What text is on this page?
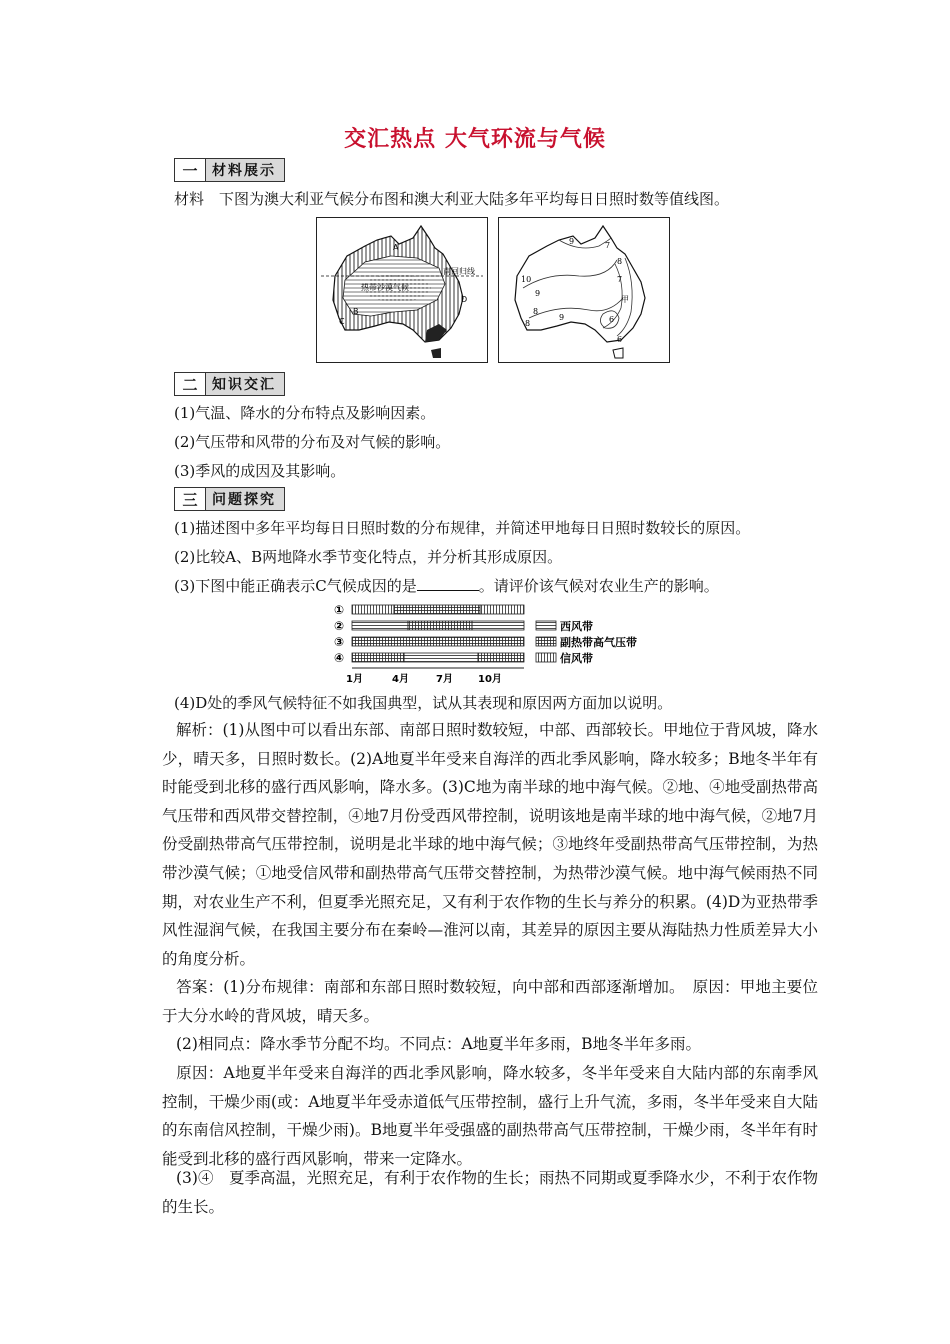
交汇热点 大气环流与气候
一	材料展示
材料　下图为澳大利亚气候分布图和澳大利亚大陆多年平均每日日照时数等值线图。
A
南回归线
热带沙漠气候
D
B
C
9	7
8
10
9
8
7
甲
6
8
9
6
二	知识交汇
(1)气温、降水的分布特点及影响因素。
(2)气压带和风带的分布及对气候的影响。
(3)季风的成因及其影响。
三	问题探究
(1)描述图中多年平均每日日照时数的分布规律，并简述甲地每日日照时数较长的原因。
(2)比较A、B两地降水季节变化特点，并分析其形成原因。
(3)下图中能正确表示C气候成因的是	。请评价该气候对农业生产的影响。
①
②
③
④
1月	4月	7月	10月
西风带
副热带高气压带
信风带
(4)D处的季风气候特征不如我国典型，试从其表现和原因两方面加以说明。
解析：(1)从图中可以看出东部、南部日照时数较短，中部、西部较长。甲地位于背风坡，降水少，晴天多，日照时数长。(2)A地夏半年受来自海洋的西北季风影响，降水较多；B地冬半年有时能受到北移的盛行西风影响，降水多。(3)C地为南半球的地中海气候。②地、④地受副热带高气压带和西风带交替控制，④地7月份受西风带控制，说明该地是南半球的地中海气候，②地7月份受副热带高气压带控制，说明是北半球的地中海气候；③地终年受副热带高气压带控制，为热带沙漠气候；①地受信风带和副热带高气压带交替控制，为热带沙漠气候。地中海气候雨热不同期，对农业生产不利，但夏季光照充足，又有利于农作物的生长与养分的积累。(4)D为亚热带季风性湿润气候，在我国主要分布在秦岭—淮河以南，其差异的原因主要从海陆热力性质差异大小的角度分析。
答案：(1)分布规律：南部和东部日照时数较短，向中部和西部逐渐增加。　原因：甲地主要位于大分水岭的背风坡，晴天多。
(2)相同点：降水季节分配不均。不同点：A地夏半年多雨，B地冬半年多雨。
原因：A地夏半年受来自海洋的西北季风影响，降水较多，冬半年受来自大陆内部的东南季风控制，干燥少雨(或：A地夏半年受赤道低气压带控制，盛行上升气流，多雨，冬半年受来自大陆的东南信风控制，干燥少雨)。B地夏半年受强盛的副热带高气压带控制，干燥少雨，冬半年有时能受到北移的盛行西风影响，带来一定降水。
(3)④　夏季高温，光照充足，有利于农作物的生长；雨热不同期或夏季降水少，不利于农作物的生长。
